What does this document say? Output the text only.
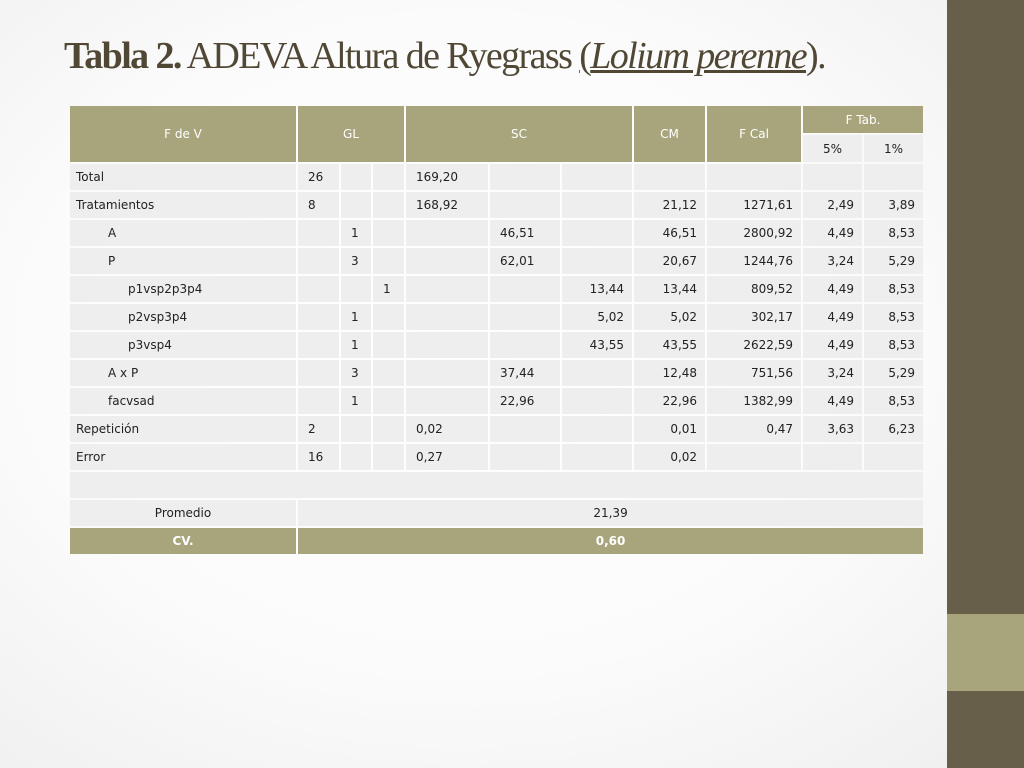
Tabla 2. ADEVA Altura de Ryegrass (Lolium perenne).
F de V	GL			SC			CM	F Cal	F Tab.	
									5%	1%
Total	26			169,20						
Tratamientos	8			168,92			21,12	1271,61	2,49	3,89
A		1			46,51		46,51	2800,92	4,49	8,53
P		3			62,01		20,67	1244,76	3,24	5,29
p1vsp2p3p4			1			13,44	13,44	809,52	4,49	8,53
p2vsp3p4		1				5,02	5,02	302,17	4,49	8,53
p3vsp4		1				43,55	43,55	2622,59	4,49	8,53
A x P		3			37,44		12,48	751,56	3,24	5,29
facvsad		1			22,96		22,96	1382,99	4,49	8,53
Repetición	2			0,02			0,01	0,47	3,63	6,23
Error	16			0,27			0,02			

Promedio	21,39									
CV.	0,60									
